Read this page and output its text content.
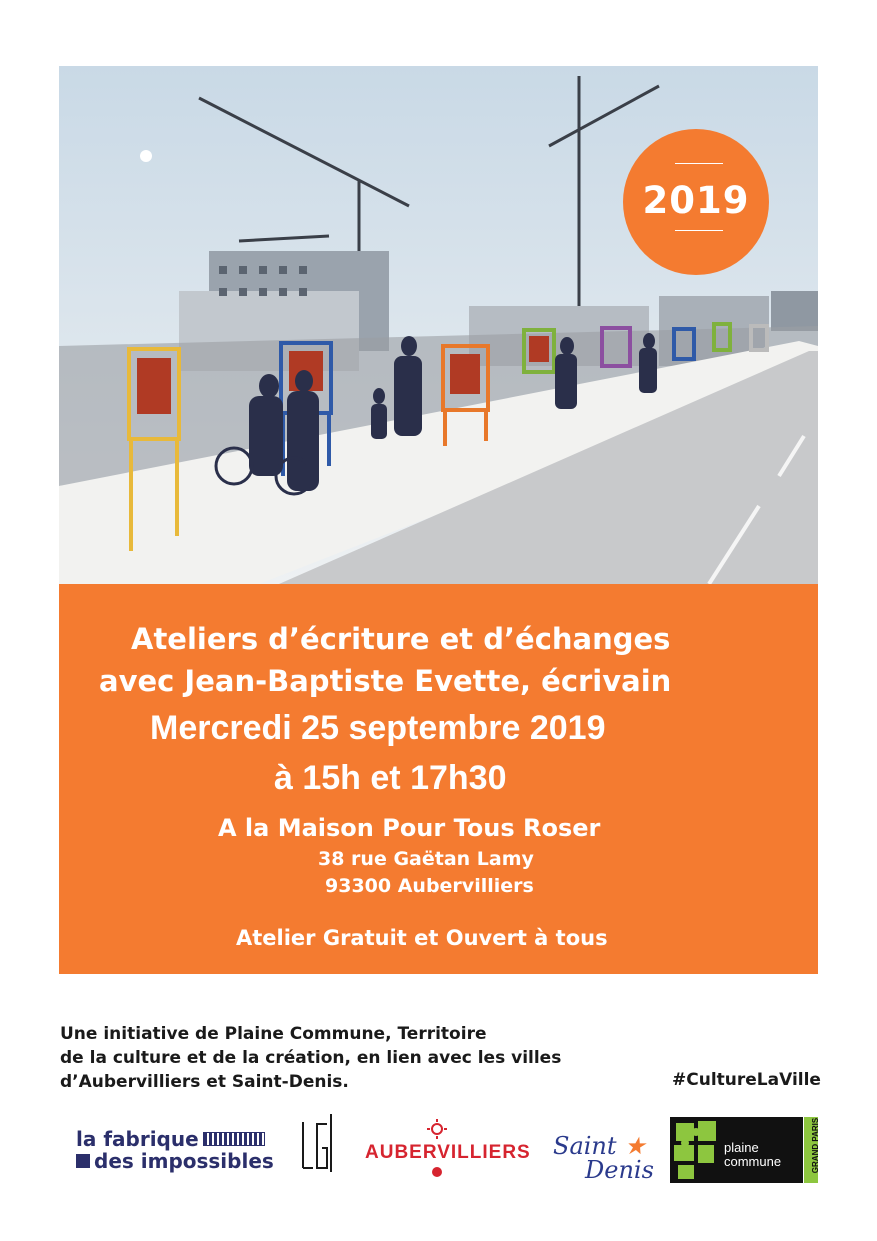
2019
Ateliers d’écriture et d’échanges
avec Jean-Baptiste Evette, écrivain
Mercredi 25 septembre 2019
à 15h et 17h30
A la Maison Pour Tous Roser
38 rue Gaëtan Lamy
93300 Aubervilliers
Atelier Gratuit et Ouvert à tous
Une initiative de Plaine Commune, Territoire
de la culture et de la création, en lien avec les villes
d’Aubervilliers et Saint-Denis.	#CultureLaVille
la fabrique
des impossibles	AUBERVILLIERS Saint ★
Denis
plaine
commune	GRAND PARIS
